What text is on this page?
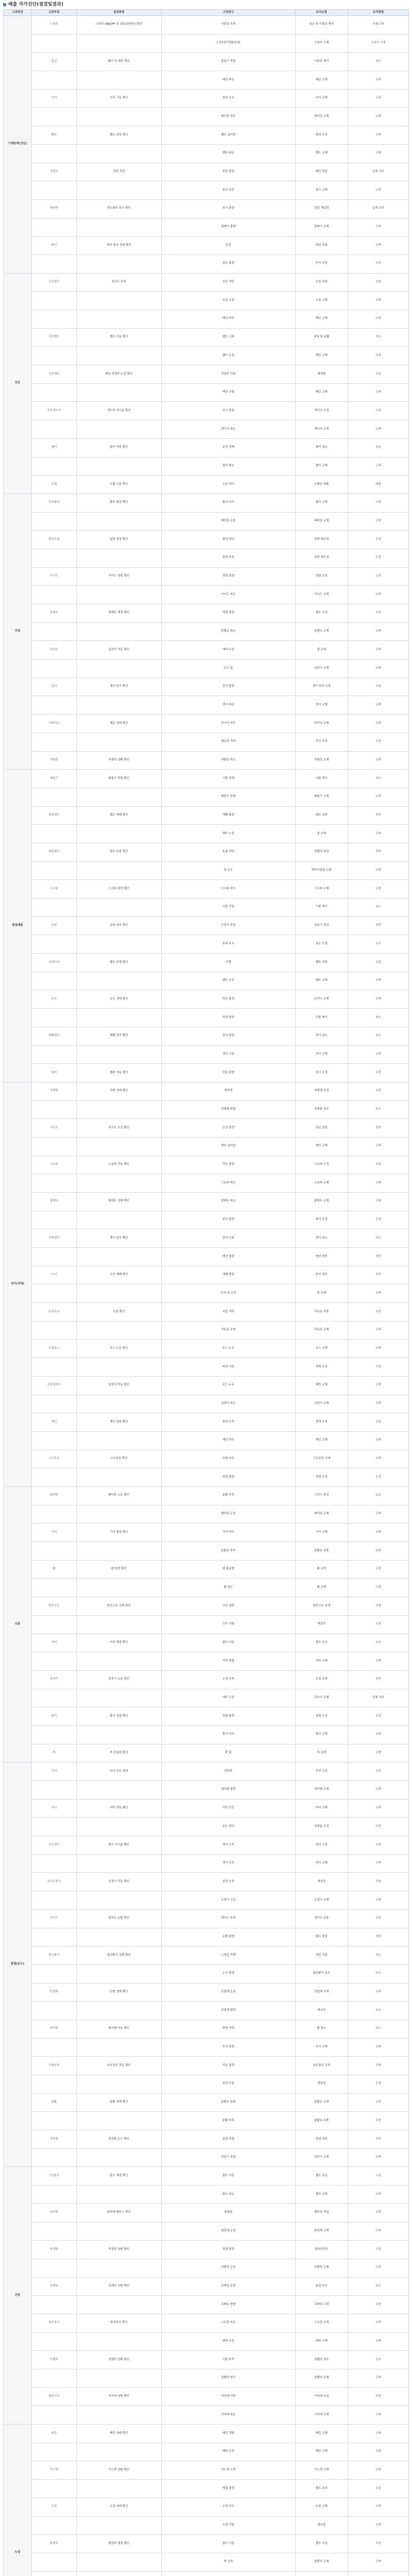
배출 자가진단(점검및결과)
고장현상	고장부위	점검방법	고장원인	조치요령	조치방법
기계동력(진단)	스위치	스위치 ON/OFF 및 결속(전원부) 확인	이물질 부착	청소 및 이물질 제거	부품교체
			노후(내구연한초과)	스위치 교체	스위치 교체
	흡입	휠터 및 배관 확인	흡입구 막힘	이물질 제거	청소
			배관 파손	배관 교체	교체
	모터	모터 구동 확인	권선 소손	모터 교체	교체
			베어링 마모	베어링 교체	교체
	벨트	벨트 장력 확인	벨트 늘어남	장력 조정	교체
			벨트 파손	벨트 교체	교체
	전원부	전압 측정	전압 불량	배선 점검	업체 의뢰
			퓨즈 단선	퓨즈 교체	교체
	제어반	컨트롤러 표시 확인	표시 불량	설정 재입력	업체 의뢰
			릴레이 불량	릴레이 교체	교체
	배선	배선 결속 상태 확인	단선	배선 연결	교체
			접촉 불량	단자 조임	조임
진공	진공펌프	진공도 측정	진공 저하	오일 보충	보충
			오일 오염	오일 교체	교체
			베인 마모	베인 교체	교체
	진공밸브	밸브 작동 확인	밸브 고착	세척 및 윤활	청소
			밸브 누설	패킹 교체	교체
	진공배관	배관 연결부 누설 확인	연결부 이완	재체결	조임
			배관 균열	배관 교체	교체
	진공게이지	게이지 지시값 확인	지시 불량	게이지 교정	교정
			게이지 파손	게이지 교체	교체
	필터	필터 막힘 확인	분진 적체	필터 청소	청소
			필터 파손	필터 교체	교체
	트랩	트랩 수분 확인	수분 과다	드레인 배출	배출
인장	인장롤러	롤러 회전 확인	롤러 마모	롤러 교체	교체
			베어링 소음	베어링 교체	교체
	텐션조절	장력 설정 확인	장력 과다	장력 재조정	조정
			장력 부족	장력 재조정	조정
	가이드	가이드 정렬 확인	정렬 불량	정렬 조정	조정
			가이드 마모	가이드 교체	교체
	클램프	클램프 체결 확인	체결 불량	볼트 조임	조임
			클램프 파손	클램프 교체	교체
	실린더	실린더 작동 확인	에어 누설	씰 교체	교체
			로드 휨	실린더 교체	교체
	센서	센서 감지 확인	감지 불량	센서 위치 조정	조정
			센서 파손	센서 교체	교체
	브레이크	제동 상태 확인	라이닝 마모	라이닝 교체	교체
			제동력 저하	간극 조정	조정
	커플링	커플링 상태 확인	커플링 마모	커플링 교체	교체
물질배출	배출구	배출구 막힘 확인	이물 적체	이물 제거	청소
			배출구 변형	배출구 교체	교체
	배출밸브	밸브 개폐 확인	개폐 불량	밸브 정비	정비
			밸브 누설	씰 교체	교체
	배출펌프	펌프 토출 확인	토출 저하	임펠러 점검	정비
			씰 누수	메카니컬씰 교체	교체
	스크류	스크류 회전 확인	스크류 마모	스크류 교체	교체
			이물 끼임	이물 제거	청소
	호퍼	호퍼 내부 확인	브릿지 현상	진동기 점검	정비
			호퍼 부식	보수 도장	보수
	컨베이어	벨트 주행 확인	사행	벨트 정렬	조정
			벨트 손상	벨트 교체	교체
	슈트	슈트 상태 확인	마모 발생	라이너 교체	교체
			막힘 발생	이물 제거	청소
	레벨센서	레벨 감지 확인	감지 불량	센서 청소	청소
			센서 고장	센서 교체	교체
	댐퍼	댐퍼 작동 확인	작동 불량	링크 조정	조정
대기(적재)	적재함	적재 상태 확인	과적재	적재량 조정	조정
			적재함 변형	적재함 보수	보수
	리프트	리프트 승강 확인	승강 불량	유압 점검	정비
			체인 늘어남	체인 교체	교체
	스토퍼	스토퍼 작동 확인	작동 불량	스토퍼 조정	조정
			스토퍼 파손	스토퍼 교체	교체
	팔레트	팔레트 상태 확인	팔레트 파손	팔레트 교체	교체
			위치 불량	위치 조정	조정
	적재센서	센서 감지 확인	감지 오류	센서 청소	청소
			배선 불량	배선 정비	정비
	도어	도어 개폐 확인	개폐 불량	힌지 정비	정비
			도어 씰 손상	씰 교체	교체
	유압유닛	유압 확인	유압 저하	작동유 보충	보충
			작동유 오염	작동유 교체	교체
	유압호스	호스 누유 확인	호스 누유	호스 교체	교체
			피팅 이완	피팅 조임	조임
	유압실린더	실린더 작동 확인	로드 누유	패킹 교체	교체
			실린더 파손	실린더 교체	교체
	체인	체인 장력 확인	장력 부족	장력 조정	조정
			체인 마모	체인 교체	교체
	스프로킷	스프로킷 확인	치형 마모	스프로킷 교체	교체
			정렬 불량	정렬 조정	조정
소음	베어링	베어링 소음 확인	윤활 부족	그리스 주입	급유
			베어링 손상	베어링 교체	교체
	기어	기어 물림 확인	기어 마모	기어 교체	교체
			윤활유 부족	윤활유 보충	보충
	팬	팬 회전 확인	팬 불균형	팬 교정	교정
			팬 파손	팬 교체	교체
	방진고무	방진고무 상태 확인	고무 경화	방진고무 교체	교체
			고무 이탈	재설치	조정
	커버	커버 체결 확인	볼트 이완	볼트 조임	조임
			커버 변형	커버 교체	교체
	감속기	감속기 소음 확인	오일 부족	오일 보충	보충
			내부 손상	감속기 교체	업체 의뢰
	풀리	풀리 정렬 확인	정렬 불량	정렬 조정	조정
			풀리 마모	풀리 교체	교체
	축	축 흔들림 확인	축 휨	축 교체	교체
발열(온도)	모터	모터 온도 측정	과부하	부하 조정	조정
			냉각팬 불량	냉각팬 교체	교체
	히터	히터 작동 확인	히터 단선	히터 교체	교체
			온도 과다	설정값 조정	조정
	온도센서	센서 지시값 확인	센서 오차	센서 교정	교정
			센서 단선	센서 교체	교체
	온도조절기	조절기 작동 확인	설정 오류	재설정	조정
			조절기 고장	조절기 교체	교체
	냉각수	냉각수 순환 확인	냉각수 부족	냉각수 보충	보충
			순환 불량	펌프 점검	정비
	열교환기	열교환기 상태 확인	스케일 적체	세관 작업	청소
			누수 발생	열교환기 보수	보수
	단열재	단열 상태 확인	단열재 손상	단열재 교체	교체
			단열재 탈락	재시공	보수
	배기팬	배기팬 작동 확인	풍량 저하	팬 청소	청소
			모터 불량	모터 교체	교체
	과열보호	보호장치 작동 확인	작동 불량	보호장치 교체	교체
			설정 오류	재설정	조정
	윤활	윤활 상태 확인	윤활유 열화	윤활유 교체	교체
			윤활 부족	윤활유 보충	보충
	전장품	전장품 온도 확인	접점 과열	접점 정비	정비
			차단기 과열	차단기 교체	교체
진동	기초볼트	볼트 체결 확인	볼트 이완	볼트 조임	조임
			볼트 파손	볼트 교체	교체
	회전체	회전체 밸런스 확인	불평형	밸런싱 작업	교정
			회전체 손상	회전체 교체	교체
	축정렬	축정렬 상태 확인	정렬 불량	얼라인먼트	조정
			커플링 손상	커플링 교체	교체
	프레임	프레임 상태 확인	프레임 균열	용접 보수	보수
			프레임 변형	프레임 교정	교정
	방진장치	방진장치 확인	스프링 피로	스프링 교체	교체
			댐퍼 손상	댐퍼 교체	교체
	임펠러	임펠러 상태 확인	이물 부착	임펠러 청소	청소
			임펠러 마모	임펠러 교체	교체
	배관지지	지지대 상태 확인	지지대 이완	지지대 조임	조임
			지지대 파손	지지대 교체	교체
누설	패킹	패킹 상태 확인	패킹 경화	패킹 교체	교체
			패킹 손상	패킹 교체	교체
	가스켓	가스켓 상태 확인	가스켓 노후	가스켓 교체	교체
			체결 불량	볼트 조임	조임
	오링	오링 상태 확인	오링 마모	오링 교체	교체
			오링 이탈	재조립	조정
	플랜지	플랜지 체결 확인	볼트 이완	볼트 조임	조임
			면 손상	플랜지 교체	교체
